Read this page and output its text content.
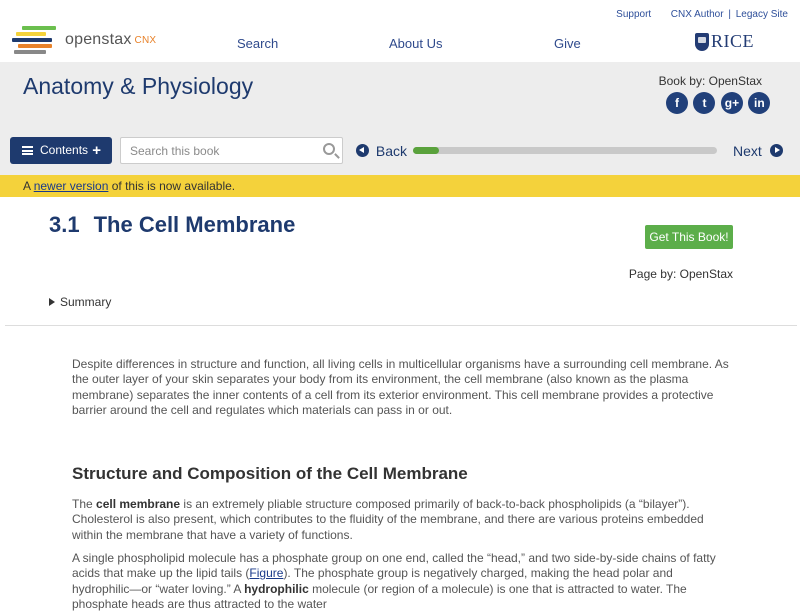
openstax CNX
Support CNX Author | Legacy Site
Search	About Us	Give	RICE
Anatomy & Physiology	Book by: OpenStax
f t g+ in
Contents +
Search this book	Back	Next
A newer version of this is now available.
3.1 The Cell Membrane	Get This Book!
Page by: OpenStax
Summary

Despite differences in structure and function, all living cells in multicellular organisms have a surrounding cell membrane. As the outer layer of your skin separates your body from its environment, the cell membrane (also known as the plasma membrane) separates the inner contents of a cell from its exterior environment. This cell membrane provides a protective barrier around the cell and regulates which materials can pass in or out.

Structure and Composition of the Cell Membrane

The cell membrane is an extremely pliable structure composed primarily of back-to-back phospholipids (a “bilayer”). Cholesterol is also present, which contributes to the fluidity of the membrane, and there are various proteins embedded within the membrane that have a variety of functions.

A single phospholipid molecule has a phosphate group on one end, called the “head,” and two side-by-side chains of fatty acids that make up the lipid tails (Figure). The phosphate group is negatively charged, making the head polar and hydrophilic—or “water loving.” A hydrophilic molecule (or region of a molecule) is one that is attracted to water. The phosphate heads are thus attracted to the water
